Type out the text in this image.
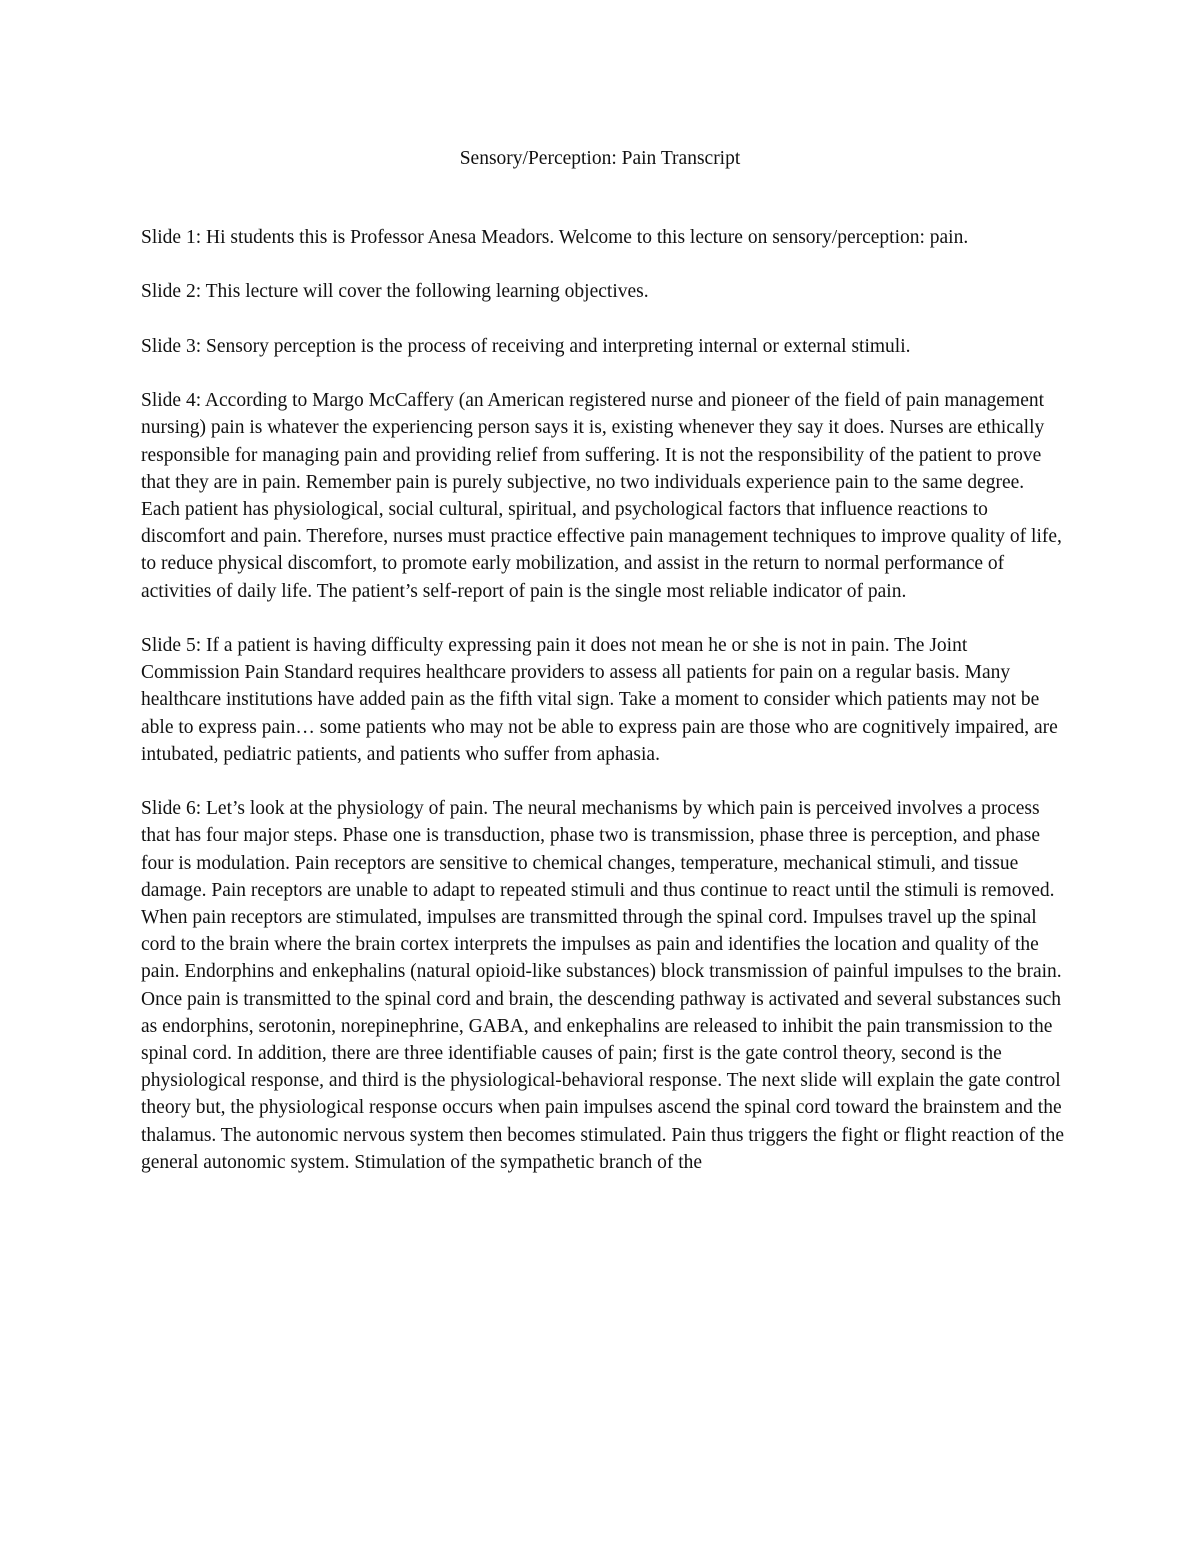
Sensory/Perception: Pain Transcript

Slide 1: Hi students this is Professor Anesa Meadors. Welcome to this lecture on sensory/perception: pain.

Slide 2: This lecture will cover the following learning objectives.

Slide 3: Sensory perception is the process of receiving and interpreting internal or external stimuli.

Slide 4: According to Margo McCaffery (an American registered nurse and pioneer of the field of pain management nursing) pain is whatever the experiencing person says it is, existing whenever they say it does. Nurses are ethically responsible for managing pain and providing relief from suffering. It is not the responsibility of the patient to prove that they are in pain. Remember pain is purely subjective, no two individuals experience pain to the same degree. Each patient has physiological, social cultural, spiritual, and psychological factors that influence reactions to discomfort and pain. Therefore, nurses must practice effective pain management techniques to improve quality of life, to reduce physical discomfort, to promote early mobilization, and assist in the return to normal performance of activities of daily life. The patient’s self-report of pain is the single most reliable indicator of pain.

Slide 5: If a patient is having difficulty expressing pain it does not mean he or she is not in pain. The Joint Commission Pain Standard requires healthcare providers to assess all patients for pain on a regular basis. Many healthcare institutions have added pain as the fifth vital sign. Take a moment to consider which patients may not be able to express pain… some patients who may not be able to express pain are those who are cognitively impaired, are intubated, pediatric patients, and patients who suffer from aphasia.

Slide 6: Let’s look at the physiology of pain. The neural mechanisms by which pain is perceived involves a process that has four major steps. Phase one is transduction, phase two is transmission, phase three is perception, and phase four is modulation. Pain receptors are sensitive to chemical changes, temperature, mechanical stimuli, and tissue damage. Pain receptors are unable to adapt to repeated stimuli and thus continue to react until the stimuli is removed. When pain receptors are stimulated, impulses are transmitted through the spinal cord. Impulses travel up the spinal cord to the brain where the brain cortex interprets the impulses as pain and identifies the location and quality of the pain. Endorphins and enkephalins (natural opioid-like substances) block transmission of painful impulses to the brain. Once pain is transmitted to the spinal cord and brain, the descending pathway is activated and several substances such as endorphins, serotonin, norepinephrine, GABA, and enkephalins are released to inhibit the pain transmission to the spinal cord. In addition, there are three identifiable causes of pain; first is the gate control theory, second is the physiological response, and third is the physiological-behavioral response. The next slide will explain the gate control theory but, the physiological response occurs when pain impulses ascend the spinal cord toward the brainstem and the thalamus. The autonomic nervous system then becomes stimulated. Pain thus triggers the fight or flight reaction of the general autonomic system. Stimulation of the sympathetic branch of the
